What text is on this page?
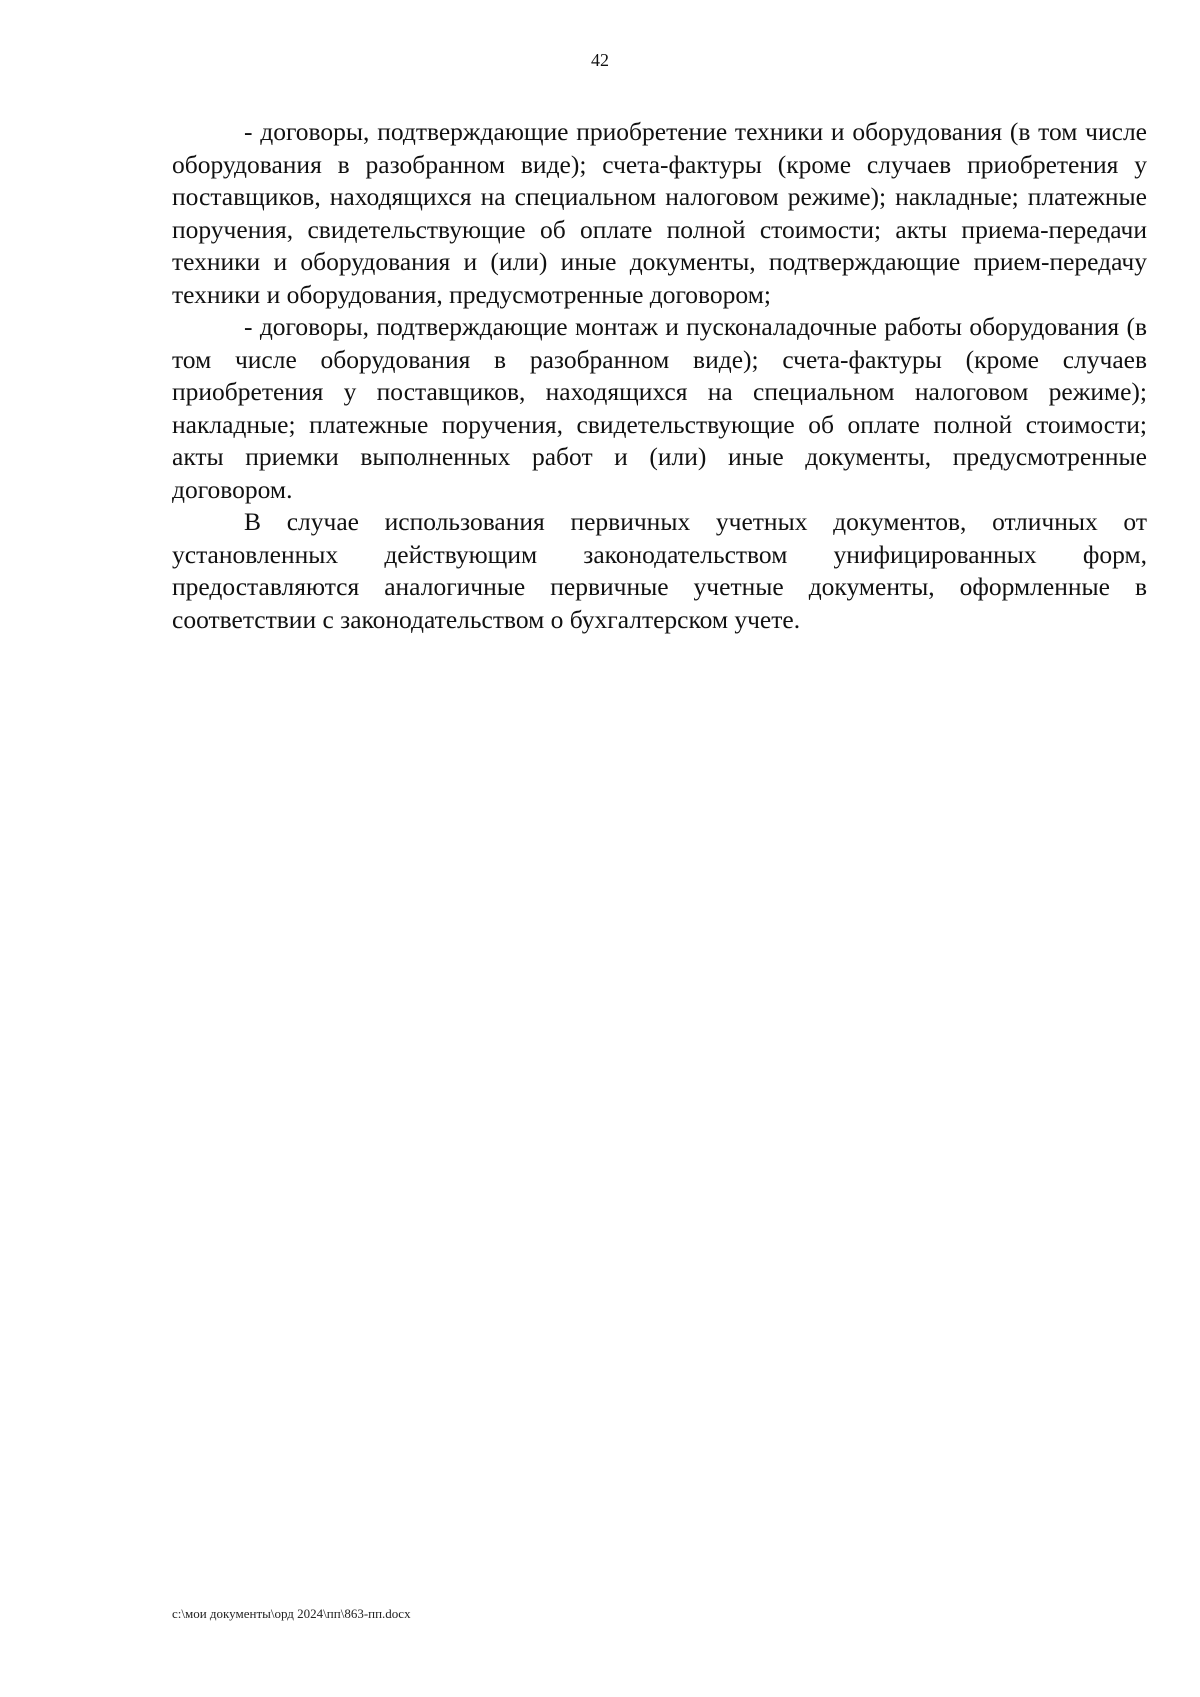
42

- договоры, подтверждающие приобретение техники и оборудования (в том числе оборудования в разобранном виде); счета-фактуры (кроме случаев приобретения у поставщиков, находящихся на специальном налоговом режиме); накладные; платежные поручения, свидетельствующие об оплате полной стоимости; акты приема-передачи техники и оборудования и (или) иные документы, подтверждающие прием-передачу техники и оборудования, предусмотренные договором;

- договоры, подтверждающие монтаж и пусконаладочные работы оборудования (в том числе оборудования в разобранном виде); счета-фактуры (кроме случаев приобретения у поставщиков, находящихся на специальном налоговом режиме); накладные; платежные поручения, свидетельствующие об оплате полной стоимости; акты приемки выполненных работ и (или) иные документы, предусмотренные договором.

В случае использования первичных учетных документов, отличных от установленных действующим законодательством унифицированных форм, предоставляются аналогичные первичные учетные документы, оформленные в соответствии с законодательством о бухгалтерском учете.

c:\мои документы\орд 2024\пп\863-пп.docx
